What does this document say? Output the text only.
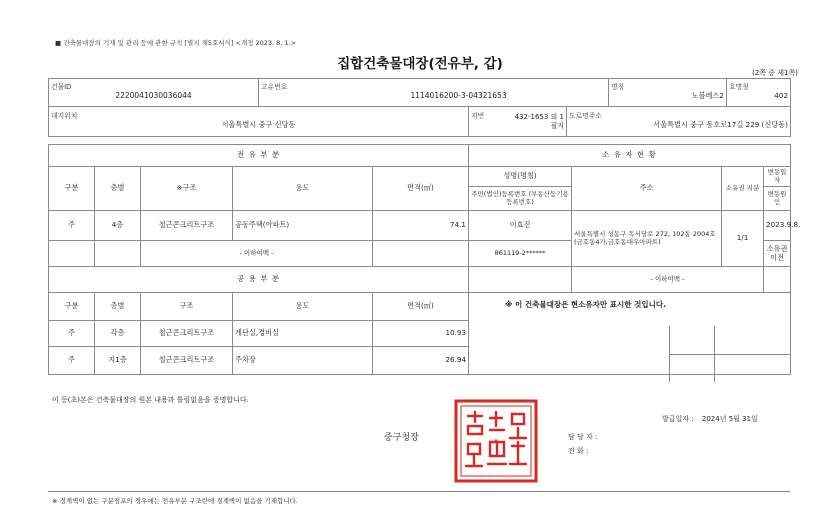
■ 건축물대장의 기재 및 관리 등에 관한 규칙 [별지 제5호서식] <개정 2023. 8. 1.>
집합건축물대장(전유부, 갑)
(2쪽 중 제1쪽)
건물ID
2220041030036044

고유번호
1114016200-3-04321653

명칭
노블레스2

호명칭
402
대지위치
서울특별시 중구 신당동

지번	432-1653 외 1필지

도로명주소
서울특별시 중구 동호로17길 229 (신당동)
전 유 부 분					소 유 자 현 황			
구분	층별	※구조	용도	면적(㎡)	성명(명칭)	주소	소유권 지분	변동일자
					주민(법인)등록번호 (부동산등기용등록번호)			변동원인
주	4층	철근콘크리트구조	공동주택(아파트)	74.1	이효진	서울특별시 성동구 독서당로 272, 102동 2004호 (금호동4가,금호동대우아파트)	1/1	2023.9.8.
		- 이하여백 -			861119-2******			소유권이전
공 용 부 분						- 이하여백 -		
구분	층별	구조	용도	면적(㎡)	※ 이 건축물대장은 현소유자만 표시한 것입니다.			
주	각층	철근콘크리트구조	계단실,경비실	10.93				
주	지1층	철근콘크리트구조	주차장	26.94				
이 등(초)본은 건축물대장의 원본 내용과 틀림없음을 증명합니다.
발급일자 : 2024년 5월 31일
중구청장	✦	담 당 자 :
전 화 :
※ 경계벽이 없는 구분점포의 경우에는 전유부분 구조란에 경계벽이 없음을 기재합니다.
